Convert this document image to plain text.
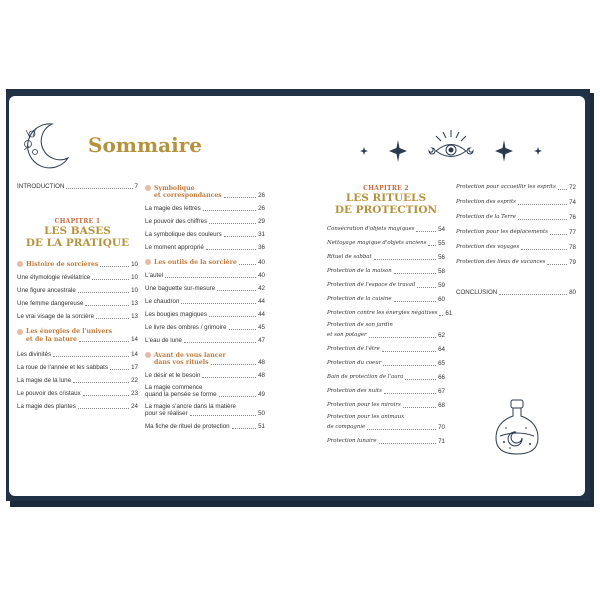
Sommaire
INTRODUCTION	7
CHAPITRE 1
LES BASES
DE LA PRATIQUE
Histoire de sorcières	10
Une étymologie révélatrice	10
Une figure ancestrale	10
Une femme dangereuse	13
Le vrai visage de la sorcière	13
Les énergies de l'univers
et de la nature	14
Les divinités	14
La roue de l'année et les sabbats	17
La magie de la lune	22
Le pouvoir des cristaux	23
La magie des plantes	24
Symbolique
et correspondances	26
La magie des lettres	26
Le pouvoir des chiffres	29
La symbolique des couleurs	31
Le moment approprié	36
Les outils de la sorcière	40
L'autel	40
Une baguette sur-mesure	42
Le chaudron	44
Les bougies magiques	44
Le livre des ombres / grimoire	45
L'eau de lune	47
Avant de vous lancer
dans vos rituels	48
Le désir et le besoin	48
La magie commence
quand la pensée se forme	49
La magie s'ancre dans la matière
pour se réaliser	50
Ma fiche de rituel de protection	51
CHAPITRE 2
LES RITUELS
DE PROTECTION
Consécration d'objets magiques	54
Nettoyage magique d'objets anciens 55
Rituel de sabbat	56
Protection de la maison	58
Protection de l'espace de travail	59
Protection de la cuisine	60
Protection contre les énergies négatives 61
Protection de son jardin
et son potager	62
Protection de l'être	64
Protection du coeur	65
Bain de protection de l'aura	66
Protection des nuits	67
Protection pour les miroirs	68
Protection pour les animaux
de compagnie	70
Protection lunaire	71
Protection pour accueillir les esprits 72
Protection des esprits	74
Protection de la Terre	76
Protection pour les déplacements	77
Protection des voyages	78
Protection des lieux de vacances	79
CONCLUSION	80
